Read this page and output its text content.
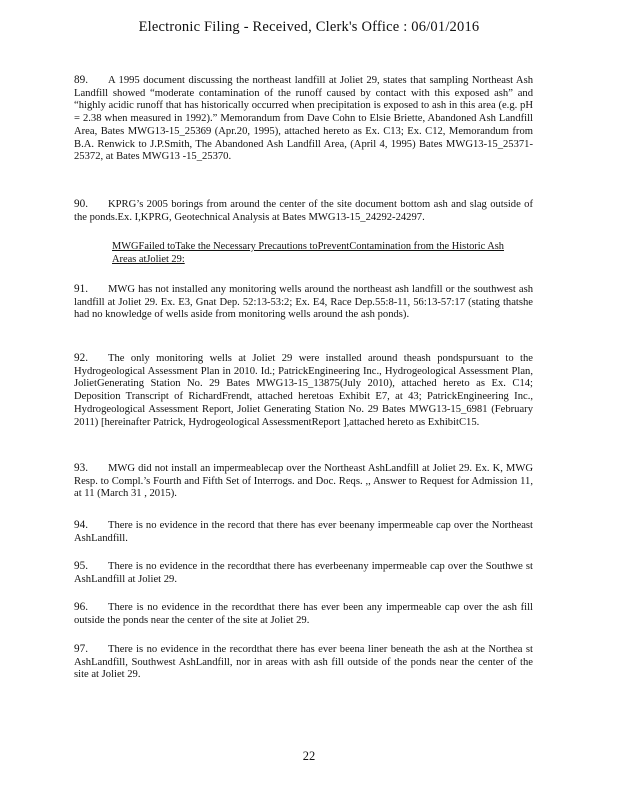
Electronic Filing - Received, Clerk's Office : 06/01/2016
89. A 1995 document discussing the northeast landfill at Joliet 29, states that sampling Northeast Ash Landfill showed “moderate contamination of the runoff caused by contact with this exposed ash” and “highly acidic runoff that has historically occurred when precipitation is exposed to ash in this area (e.g. pH = 2.38 when measured in 1992).” Memorandum from Dave Cohn to Elsie Briette, Abandoned Ash Landfill Area, Bates MWG13-15_25369 (Apr.20, 1995), attached hereto as Ex. C13; Ex. C12, Memorandum from B.A. Renwick to J.P.Smith, The Abandoned Ash Landfill Area, (April 4, 1995) Bates MWG13-15_25371-25372, at Bates MWG13 -15_25370.
90. KPRG’s 2005 borings from around the center of the site document bottom ash and slag outside of the ponds.Ex. I,KPRG, Geotechnical Analysis at Bates MWG13-15_24292-24297.
MWGFailed toTake the Necessary Precautions toPreventContamination from the Historic Ash Areas atJoliet 29:
91. MWG has not installed any monitoring wells around the northeast ash landfill or the southwest ash landfill at Joliet 29. Ex. E3, Gnat Dep. 52:13-53:2; Ex. E4, Race Dep.55:8-11, 56:13-57:17 (stating thatshe had no knowledge of wells aside from monitoring wells around the ash ponds).
92. The only monitoring wells at Joliet 29 were installed around theash pondspursuant to the Hydrogeological Assessment Plan in 2010. Id.; PatrickEngineering Inc., Hydrogeological Assessment Plan, JolietGenerating Station No. 29 Bates MWG13-15_13875(July 2010), attached hereto as Ex. C14; Deposition Transcript of RichardFrendt, attached heretoas Exhibit E7, at 43; PatrickEngineering Inc., Hydrogeological Assessment Report, Joliet Generating Station No. 29 Bates MWG13-15_6981 (February 2011) [hereinafter Patrick, Hydrogeological AssessmentReport ],attached hereto as ExhibitC15.
93. MWG did not install an impermeablecap over the Northeast AshLandfill at Joliet 29. Ex. K, MWG Resp. to Compl.’s Fourth and Fifth Set of Interrogs. and Doc. Reqs. ,, Answer to Request for Admission 11, at 11 (March 31 , 2015).
94. There is no evidence in the record that there has ever beenany impermeable cap over the Northeast AshLandfill.
95. There is no evidence in the recordthat there has everbeenany impermeable cap over the Southwe st AshLandfill at Joliet 29.
96. There is no evidence in the recordthat there has ever been any impermeable cap over the ash fill outside the ponds near the center of the site at Joliet 29.
97. There is no evidence in the recordthat there has ever beena liner beneath the ash at the Northea st AshLandfill, Southwest AshLandfill, nor in areas with ash fill outside of the ponds near the center of the site at Joliet 29.
22
